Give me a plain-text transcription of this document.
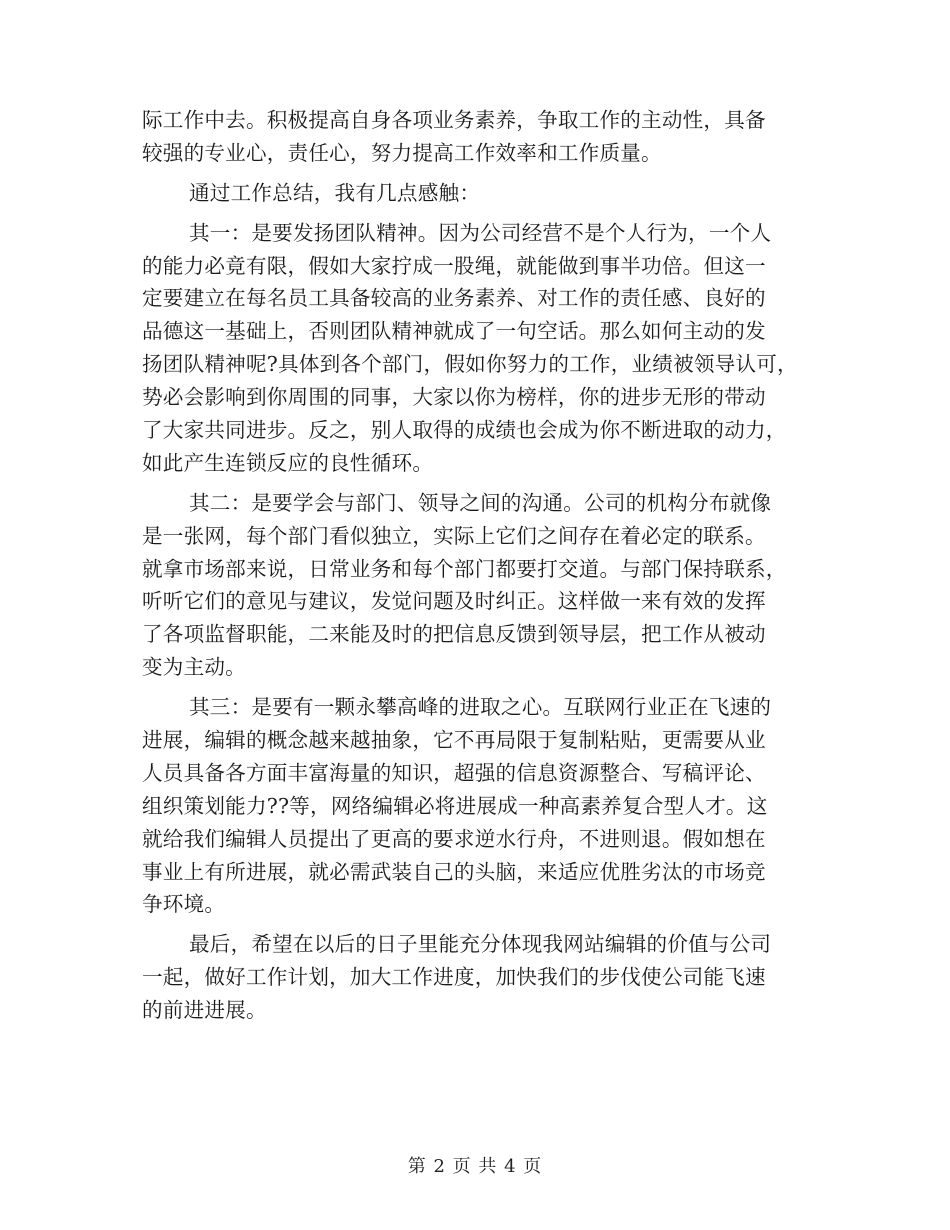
际工作中去。积极提高自身各项业务素养，争取工作的主动性，具备
较强的专业心，责任心，努力提高工作效率和工作质量。
通过工作总结，我有几点感触：
其一：是要发扬团队精神。因为公司经营不是个人行为，一个人
的能力必竟有限，假如大家拧成一股绳，就能做到事半功倍。但这一
定要建立在每名员工具备较高的业务素养、对工作的责任感、良好的
品德这一基础上，否则团队精神就成了一句空话。那么如何主动的发
扬团队精神呢?具体到各个部门，假如你努力的工作，业绩被领导认可，
势必会影响到你周围的同事，大家以你为榜样，你的进步无形的带动
了大家共同进步。反之，别人取得的成绩也会成为你不断进取的动力，
如此产生连锁反应的良性循环。
其二：是要学会与部门、领导之间的沟通。公司的机构分布就像
是一张网，每个部门看似独立，实际上它们之间存在着必定的联系。
就拿市场部来说，日常业务和每个部门都要打交道。与部门保持联系，
听听它们的意见与建议，发觉问题及时纠正。这样做一来有效的发挥
了各项监督职能，二来能及时的把信息反馈到领导层，把工作从被动
变为主动。
其三：是要有一颗永攀高峰的进取之心。互联网行业正在飞速的
进展，编辑的概念越来越抽象，它不再局限于复制粘贴，更需要从业
人员具备各方面丰富海量的知识，超强的信息资源整合、写稿评论、
组织策划能力??等，网络编辑必将进展成一种高素养复合型人才。这
就给我们编辑人员提出了更高的要求逆水行舟，不进则退。假如想在
事业上有所进展，就必需武装自己的头脑，来适应优胜劣汰的市场竞
争环境。
最后，希望在以后的日子里能充分体现我网站编辑的价值与公司
一起，做好工作计划，加大工作进度，加快我们的步伐使公司能飞速
的前进进展。
第 2 页 共 4 页
